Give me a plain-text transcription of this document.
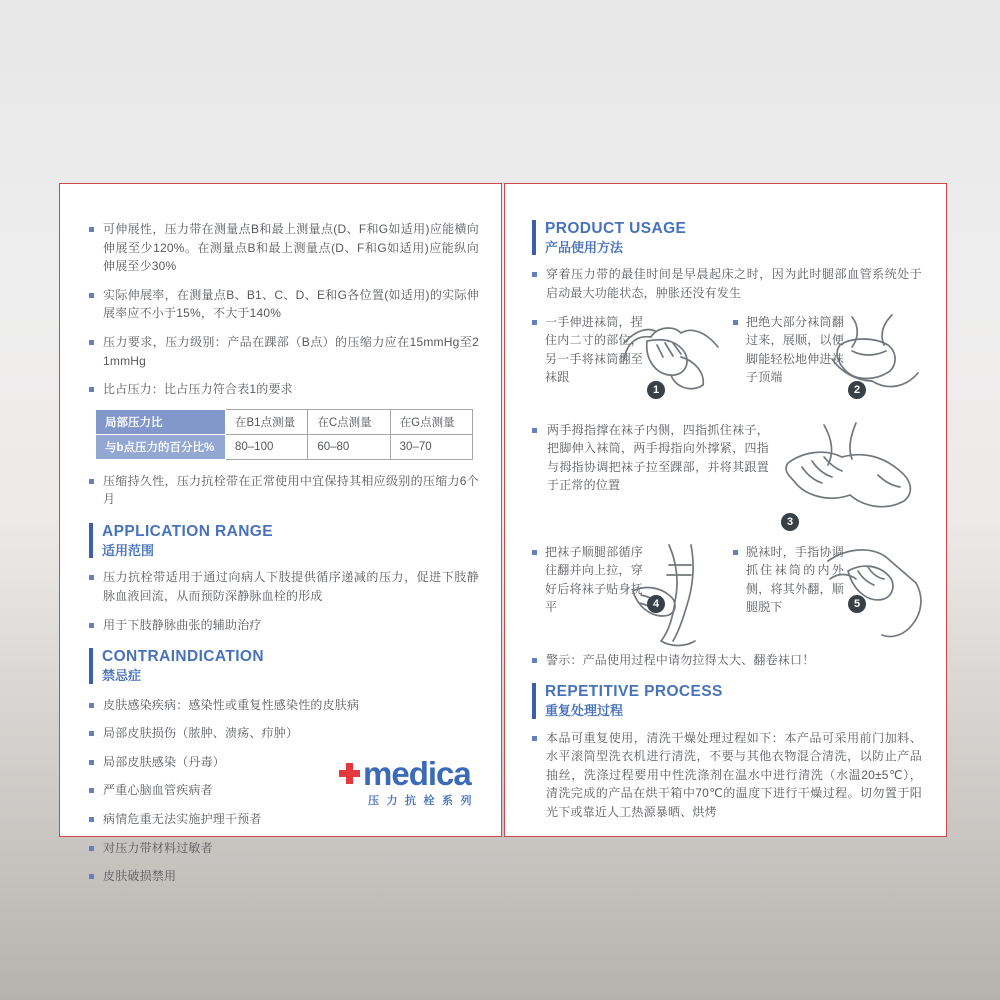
可伸展性，压力带在测量点B和最上测量点(D、F和G如适用)应能横向伸展至少120%。在测量点B和最上测量点(D、F和G如适用)应能纵向伸展至少30%
实际伸展率，在测量点B、B1、C、D、E和G各位置(如适用)的实际伸展率应不小于15%，不大于140%
压力要求，压力级别：产品在踝部（B点）的压缩力应在15mmHg至21mmHg
比占压力：比占压力符合表1的要求
局部压力比	在B1点测量	在C点测量	在G点测量
与b点压力的百分比%	80–100	60–80	30–70
压缩持久性，压力抗栓带在正常使用中宜保持其相应级别的压缩力6个月
APPLICATION RANGE
适用范围
压力抗栓带适用于通过向病人下肢提供循序递减的压力，促进下肢静脉血液回流，从而预防深静脉血栓的形成
用于下肢静脉曲张的辅助治疗
CONTRAINDICATION
禁忌症
皮肤感染疾病：感染性或重复性感染性的皮肤病
局部皮肤损伤（脓肿、溃疡、疖肿）
局部皮肤感染（丹毒）
严重心脑血管疾病者
病情危重无法实施护理干预者
对压力带材料过敏者
皮肤破损禁用
medica
压力抗栓系列
PRODUCT USAGE
产品使用方法
穿着压力带的最佳时间是早晨起床之时，因为此时腿部血管系统处于启动最大功能状态，肿胀还没有发生
一手伸进袜筒，捏住内二寸的部位，另一手将袜筒翻至袜跟
1
把绝大部分袜筒翻过来，展顺，以便脚能轻松地伸进袜子顶端
2
两手拇指撑在袜子内侧，四指抓住袜子，把脚伸入袜筒，两手拇指向外撑紧，四指与拇指协调把袜子拉至踝部，并将其跟置于正常的位置
3
把袜子顺腿部循序往翻并向上拉，穿好后将袜子贴身抚平	4
脱袜时，手指协调抓住袜筒的内外侧，将其外翻，顺腿脱下	5
警示：产品使用过程中请勿拉得太大、翻卷袜口！
REPETITIVE PROCESS
重复处理过程
本品可重复使用，清洗干燥处理过程如下：本产品可采用前门加料、水平滚筒型洗衣机进行清洗，不要与其他衣物混合清洗，以防止产品抽丝，洗涤过程要用中性洗涤剂在温水中进行清洗（水温20±5℃），清洗完成的产品在烘干箱中70℃的温度下进行干燥过程。切勿置于阳光下或靠近人工热源暴晒、烘烤
